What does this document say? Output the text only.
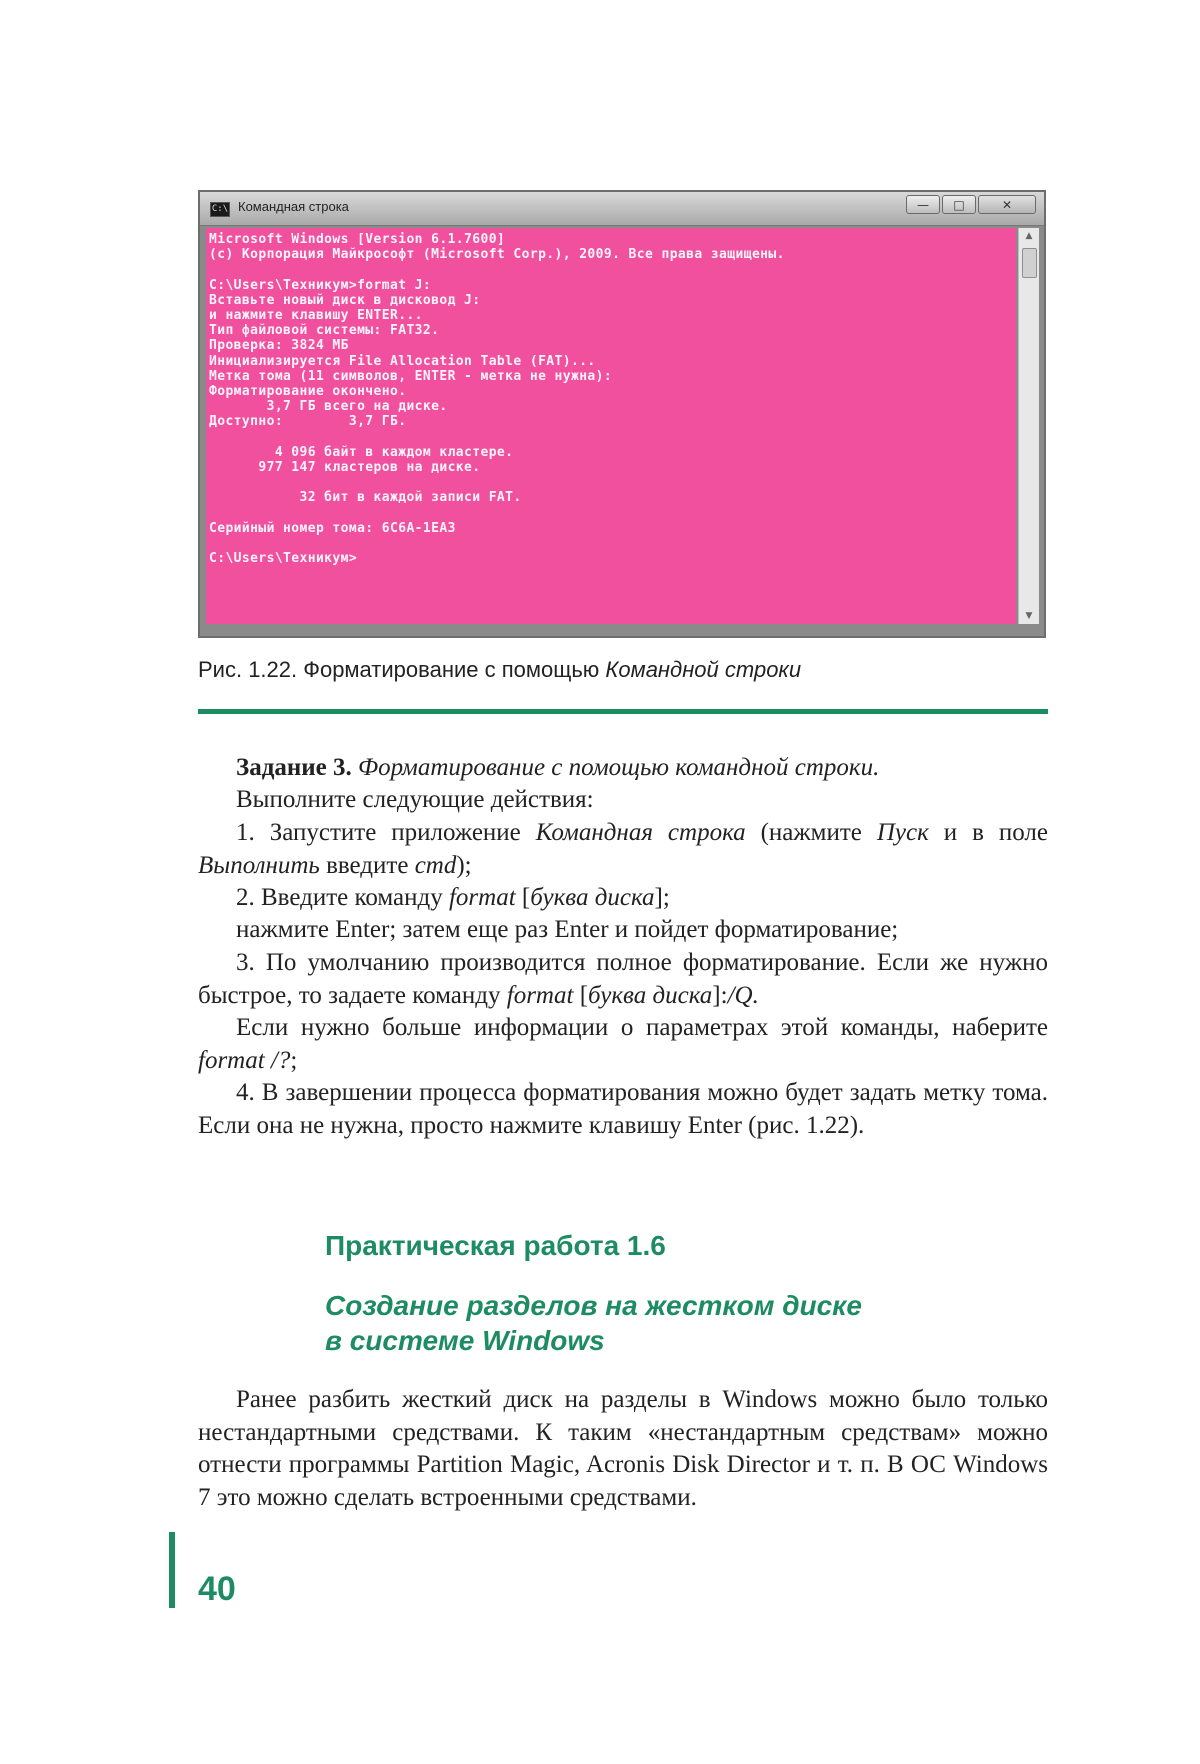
C:\ Командная строка	—	□	✕
Microsoft Windows [Version 6.1.7600]
(c) Корпорация Майкрософт (Microsoft Corp.), 2009. Все права защищены.
C:\Users\Техникум>format J:
Вставьте новый диск в дисковод J:
и нажмите клавишу ENTER...
Тип файловой системы: FAT32.
Проверка: 3824 МБ
Инициализируется File Allocation Table (FAT)...
Метка тома (11 символов, ENTER - метка не нужна):
Форматирование окончено.
3,7 ГБ всего на диске.
Доступно:        3,7 ГБ.
4 096 байт в каждом кластере.
977 147 кластеров на диске.
32 бит в каждой записи FAT.
Серийный номер тома: 6C6A-1EA3
C:\Users\Техникум>
▲
▼
Рис. 1.22. Форматирование с помощью Командной строки

Задание 3. Форматирование с помощью командной строки.

Выполните следующие действия:

1. Запустите приложение Командная строка (нажмите Пуск и в поле Выполнить введите cmd);

2. Введите команду format [буква диска];

нажмите Enter; затем еще раз Enter и пойдет форматирование;

3. По умолчанию производится полное форматирование. Если же нужно быстрое, то задаете команду format [буква диска]:/Q.

Если нужно больше информации о параметрах этой команды, наберите format /?;

4. В завершении процесса форматирования можно будет задать метку тома. Если она не нужна, просто нажмите клавишу Enter (рис. 1.22).

Практическая работа 1.6
Создание разделов на жестком диске
в системе Windows

Ранее разбить жесткий диск на разделы в Windows можно было только нестандартными средствами. К таким «нестандартным средствам» можно отнести программы Partition Magic, Acronis Disk Director и т. п. В ОС Windows 7 это можно сделать встроенными средствами.

40
